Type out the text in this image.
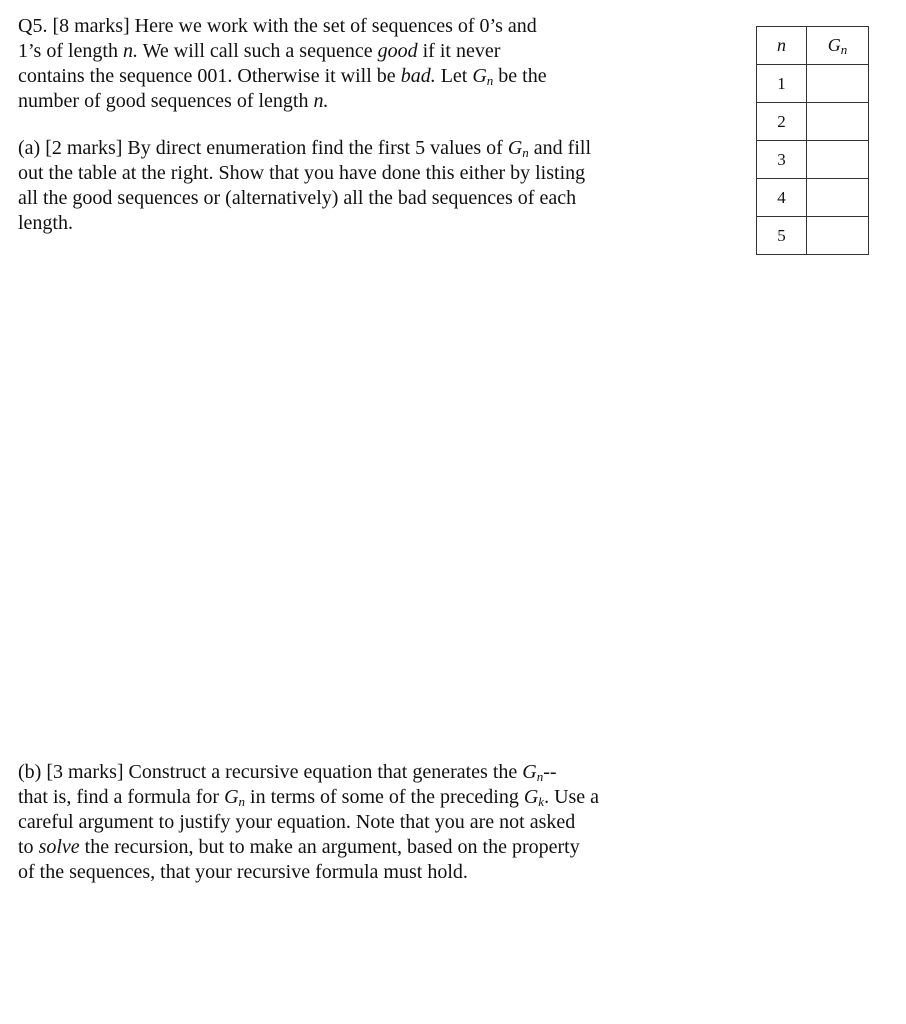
Q5. [8 marks] Here we work with the set of sequences of 0’s and
1’s of length n. We will call such a sequence good if it never
contains the sequence 001. Otherwise it will be bad. Let $G_n$ be the
number of good sequences of length n.
(a) [2 marks] By direct enumeration find the first 5 values of $G_n$ and fill
out the table at the right. Show that you have done this either by listing
all the good sequences or (alternatively) all the bad sequences of each
length.
(b) [3 marks] Construct a recursive equation that generates the $G_n--$
that is, find a formula for $G_n$ in terms of some of the preceding $G_k$. Use a
careful argument to justify your equation. Note that you are not asked
to solve the recursion, but to make an argument, based on the property
of the sequences, that your recursive formula must hold.
n	$G_n$
1	
2	
3	
4	
5	
